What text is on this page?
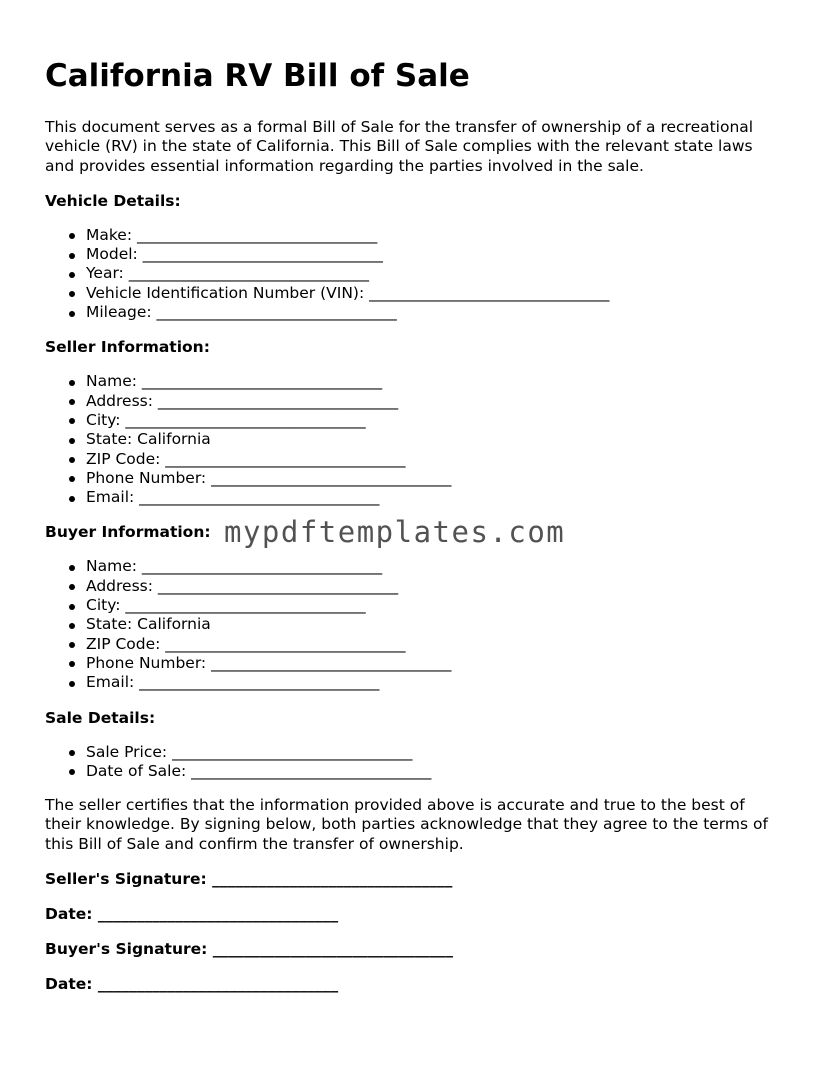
California RV Bill of Sale

This document serves as a formal Bill of Sale for the transfer of ownership of a recreational vehicle (RV) in the state of California. This Bill of Sale complies with the relevant state laws and provides essential information regarding the parties involved in the sale.

Vehicle Details:
Make: _______________________________
Model: _______________________________
Year: _______________________________
Vehicle Identification Number (VIN): _______________________________
Mileage: _______________________________
Seller Information:
Name: _______________________________
Address: _______________________________
City: _______________________________
State: California
ZIP Code: _______________________________
Phone Number: _______________________________
Email: _______________________________
Buyer Information:
Name: _______________________________
Address: _______________________________
City: _______________________________
State: California
ZIP Code: _______________________________
Phone Number: _______________________________
Email: _______________________________
Sale Details:
Sale Price: _______________________________
Date of Sale: _______________________________

The seller certifies that the information provided above is accurate and true to the best of their knowledge. By signing below, both parties acknowledge that they agree to the terms of this Bill of Sale and confirm the transfer of ownership.

Seller's Signature: _______________________________
Date: _______________________________
Buyer's Signature: _______________________________
Date: _______________________________
mypdftemplates.com
